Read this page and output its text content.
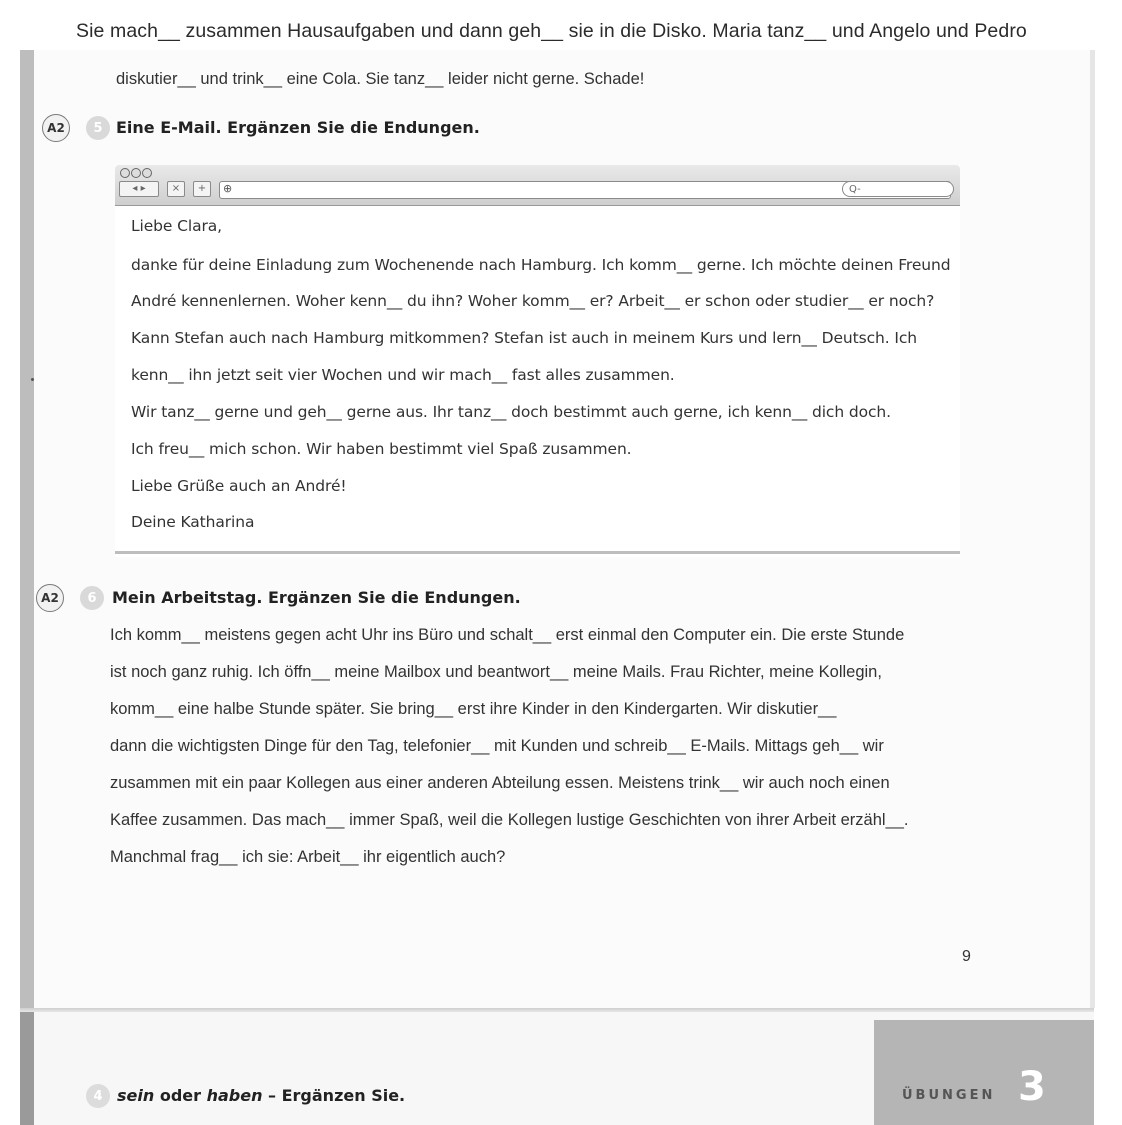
Sie mach__ zusammen Hausaufgaben und dann geh__ sie in die Disko. Maria tanz__ und Angelo und Pedro
diskutier__ und trink__ eine Cola. Sie tanz__ leider nicht gerne. Schade!
A2	5 Eine E-Mail. Ergänzen Sie die Endungen.
◂ ▸	×	+	⊕	Q-
Liebe Clara,
danke für deine Einladung zum Wochenende nach Hamburg. Ich komm__ gerne. Ich möchte deinen Freund
André kennenlernen. Woher kenn__ du ihn? Woher komm__ er? Arbeit__ er schon oder studier__ er noch?
Kann Stefan auch nach Hamburg mitkommen? Stefan ist auch in meinem Kurs und lern__ Deutsch. Ich
kenn__ ihn jetzt seit vier Wochen und wir mach__ fast alles zusammen.
Wir tanz__ gerne und geh__ gerne aus. Ihr tanz__ doch bestimmt auch gerne, ich kenn__ dich doch.
Ich freu__ mich schon. Wir haben bestimmt viel Spaß zusammen.
Liebe Grüße auch an André!
Deine Katharina
A2	6 Mein Arbeitstag. Ergänzen Sie die Endungen.
Ich komm__ meistens gegen acht Uhr ins Büro und schalt__ erst einmal den Computer ein. Die erste Stunde
ist noch ganz ruhig. Ich öffn__ meine Mailbox und beantwort__ meine Mails. Frau Richter, meine Kollegin,
komm__ eine halbe Stunde später. Sie bring__ erst ihre Kinder in den Kindergarten. Wir diskutier__
dann die wichtigsten Dinge für den Tag, telefonier__ mit Kunden und schreib__ E-Mails. Mittags geh__ wir
zusammen mit ein paar Kollegen aus einer anderen Abteilung essen. Meistens trink__ wir auch noch einen
Kaffee zusammen. Das mach__ immer Spaß, weil die Kollegen lustige Geschichten von ihrer Arbeit erzähl__.
Manchmal frag__ ich sie: Arbeit__ ihr eigentlich auch?
9
ÜBUNGEN 3
4 sein oder haben – Ergänzen Sie.
